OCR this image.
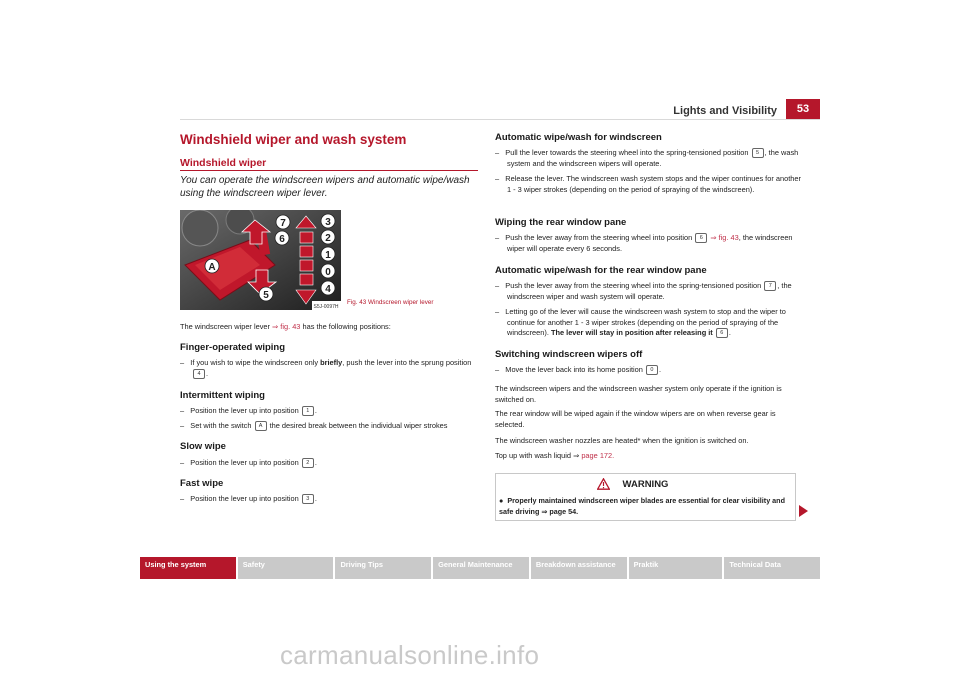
Lights and Visibility	53
Windshield wiper and wash system
Windshield wiper
You can operate the windscreen wipers and automatic wipe/wash using the windscreen wiper lever.
7
6
3
2
1
0
4
5
A
S5J-0097H
Fig. 43 Windscreen wiper lever
The windscreen wiper lever ⇒ fig. 43 has the following positions:
Finger-operated wiping
–   If you wish to wipe the windscreen only briefly, push the lever into the sprung position 4 .
Intermittent wiping
–   Position the lever up into position 1 .
–   Set with the switch A the desired break between the individual wiper strokes
Slow wipe
–   Position the lever up into position 2 .
Fast wipe
–   Position the lever up into position 3 .
Automatic wipe/wash for windscreen
–   Pull the lever towards the steering wheel into the spring-tensioned position 5 , the wash system and the windscreen wipers will operate.
–   Release the lever. The windscreen wash system stops and the wiper continues for another 1 - 3 wiper strokes (depending on the period of spraying of the windscreen).
Wiping the rear window pane
–   Push the lever away from the steering wheel into position 6 ⇒ fig. 43, the windscreen wiper will operate every 6 seconds.
Automatic wipe/wash for the rear window pane
–   Push the lever away from the steering wheel into the spring-tensioned position 7 , the windscreen wiper and wash system will operate.
–   Letting go of the lever will cause the windscreen wash system to stop and the wiper to continue for another 1 - 3 wiper strokes (depending on the period of spraying of the windscreen). The lever will stay in position after releasing it 6 .
Switching windscreen wipers off
–   Move the lever back into its home position 0 .
The windscreen wipers and the windscreen washer system only operate if the ignition is switched on.
The rear window will be wiped again if the window wipers are on when reverse gear is selected.
The windscreen washer nozzles are heated* when the ignition is switched on.
Top up with wash liquid ⇒ page 172.
WARNING
● Properly maintained windscreen wiper blades are essential for clear visibility and safe driving ⇒ page 54.
Using the system	Safety	Driving Tips	General Maintenance	Breakdown assistance	Praktik	Technical Data
carmanualsonline.info
